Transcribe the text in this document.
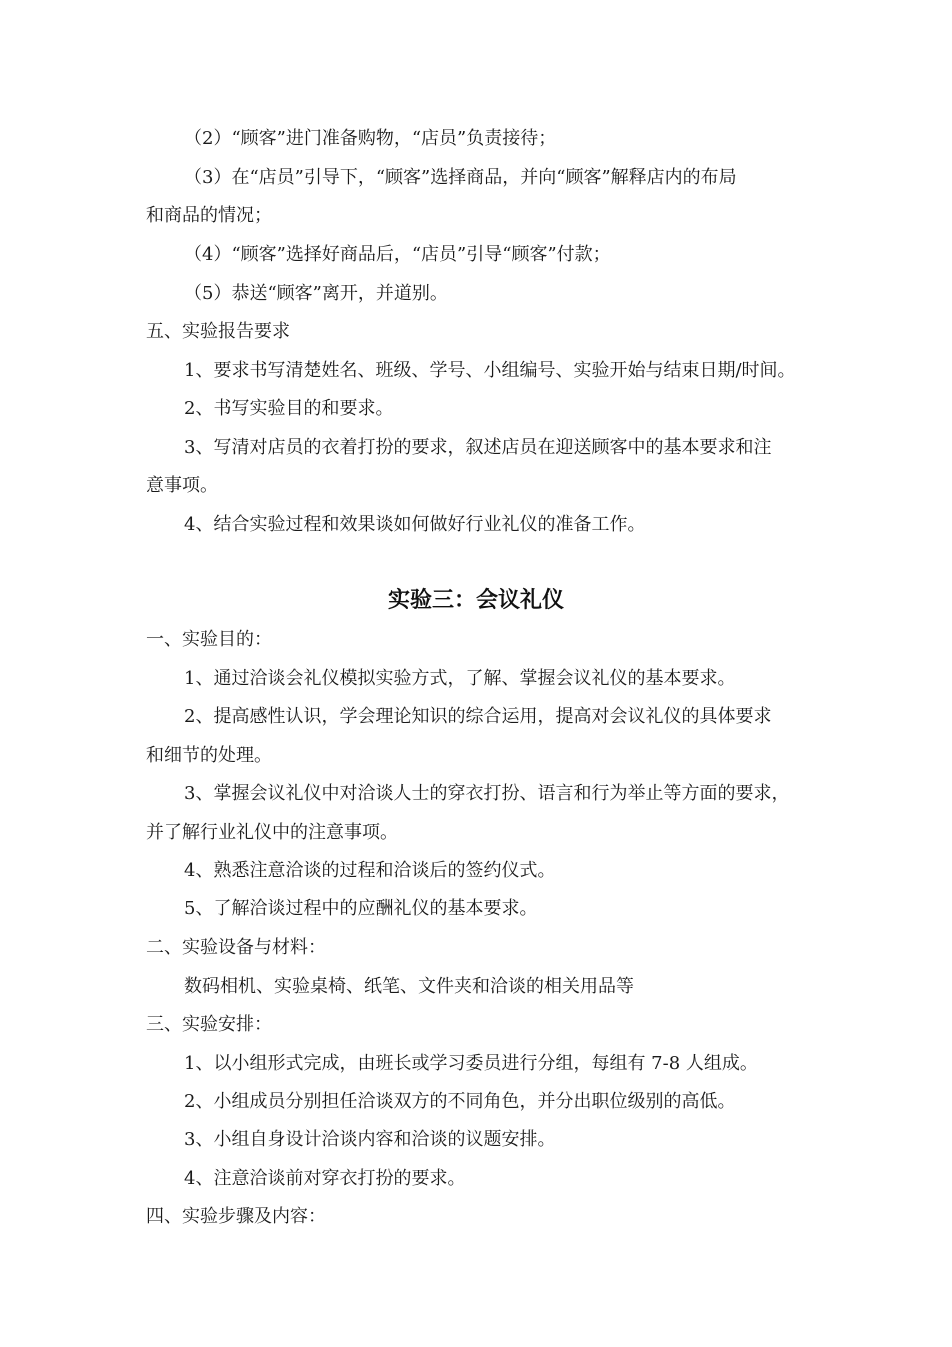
（2）“顾客”进门准备购物，“店员”负责接待；
（3）在“店员”引导下，“顾客”选择商品，并向“顾客”解释店内的布局
和商品的情况；
（4）“顾客”选择好商品后，“店员”引导“顾客”付款；
（5）恭送“顾客”离开，并道别。
五、实验报告要求
1、要求书写清楚姓名、班级、学号、小组编号、实验开始与结束日期/时间。
2、书写实验目的和要求。
3、写清对店员的衣着打扮的要求，叙述店员在迎送顾客中的基本要求和注
意事项。
4、结合实验过程和效果谈如何做好行业礼仪的准备工作。
实验三：会议礼仪
一、实验目的：
1、通过洽谈会礼仪模拟实验方式，了解、掌握会议礼仪的基本要求。
2、提高感性认识，学会理论知识的综合运用，提高对会议礼仪的具体要求
和细节的处理。
3、掌握会议礼仪中对洽谈人士的穿衣打扮、语言和行为举止等方面的要求，
并了解行业礼仪中的注意事项。
4、熟悉注意洽谈的过程和洽谈后的签约仪式。
5、了解洽谈过程中的应酬礼仪的基本要求。
二、实验设备与材料：
数码相机、实验桌椅、纸笔、文件夹和洽谈的相关用品等
三、实验安排：
1、以小组形式完成，由班长或学习委员进行分组，每组有 7-8 人组成。
2、小组成员分别担任洽谈双方的不同角色，并分出职位级别的高低。
3、小组自身设计洽谈内容和洽谈的议题安排。
4、注意洽谈前对穿衣打扮的要求。
四、实验步骤及内容：
